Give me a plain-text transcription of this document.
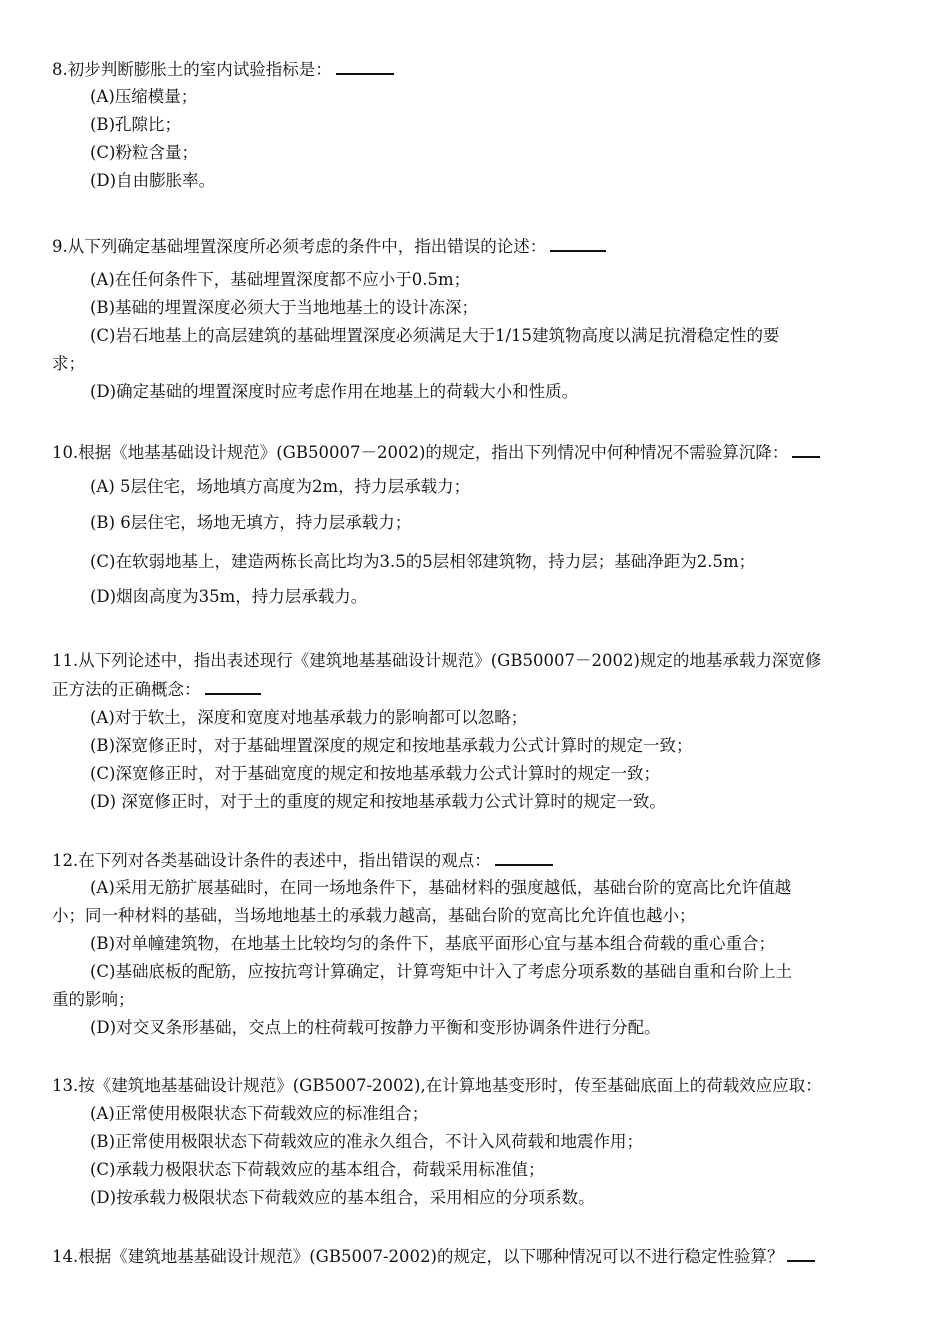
8.初步判断膨胀土的室内试验指标是：
(A)压缩模量；
(B)孔隙比；
(C)粉粒含量；
(D)自由膨胀率。
9.从下列确定基础埋置深度所必须考虑的条件中，指出错误的论述：
(A)在任何条件下，基础埋置深度都不应小于0.5m；
(B)基础的埋置深度必须大于当地地基土的设计冻深；
(C)岩石地基上的高层建筑的基础埋置深度必须满足大于1/15建筑物高度以满足抗滑稳定性的要
求；
(D)确定基础的埋置深度时应考虑作用在地基上的荷载大小和性质。
10.根据《地基基础设计规范》(GB50007－2002)的规定，指出下列情况中何种情况不需验算沉降：
(A) 5层住宅，场地填方高度为2m，持力层承载力；
(B) 6层住宅，场地无填方，持力层承载力；
(C)在软弱地基上，建造两栋长高比均为3.5的5层相邻建筑物，持力层；基础净距为2.5m；
(D)烟囱高度为35m，持力层承载力。
11.从下列论述中，指出表述现行《建筑地基基础设计规范》(GB50007－2002)规定的地基承载力深宽修
正方法的正确概念：
(A)对于软土，深度和宽度对地基承载力的影响都可以忽略；
(B)深宽修正时，对于基础埋置深度的规定和按地基承载力公式计算时的规定一致；
(C)深宽修正时，对于基础宽度的规定和按地基承载力公式计算时的规定一致；
(D) 深宽修正时，对于土的重度的规定和按地基承载力公式计算时的规定一致。
12.在下列对各类基础设计条件的表述中，指出错误的观点：
(A)采用无筋扩展基础时，在同一场地条件下，基础材料的强度越低，基础台阶的宽高比允许值越
小；同一种材料的基础，当场地地基土的承载力越高，基础台阶的宽高比允许值也越小；
(B)对单幢建筑物，在地基土比较均匀的条件下，基底平面形心宜与基本组合荷载的重心重合；
(C)基础底板的配筋，应按抗弯计算确定，计算弯矩中计入了考虑分项系数的基础自重和台阶上土
重的影响；
(D)对交叉条形基础，交点上的柱荷载可按静力平衡和变形协调条件进行分配。
13.按《建筑地基基础设计规范》(GB5007-2002),在计算地基变形时，传至基础底面上的荷载效应应取：
(A)正常使用极限状态下荷载效应的标准组合；
(B)正常使用极限状态下荷载效应的准永久组合，不计入风荷载和地震作用；
(C)承载力极限状态下荷载效应的基本组合，荷载采用标准值；
(D)按承载力极限状态下荷载效应的基本组合，采用相应的分项系数。
14.根据《建筑地基基础设计规范》(GB5007-2002)的规定，以下哪种情况可以不进行稳定性验算？
